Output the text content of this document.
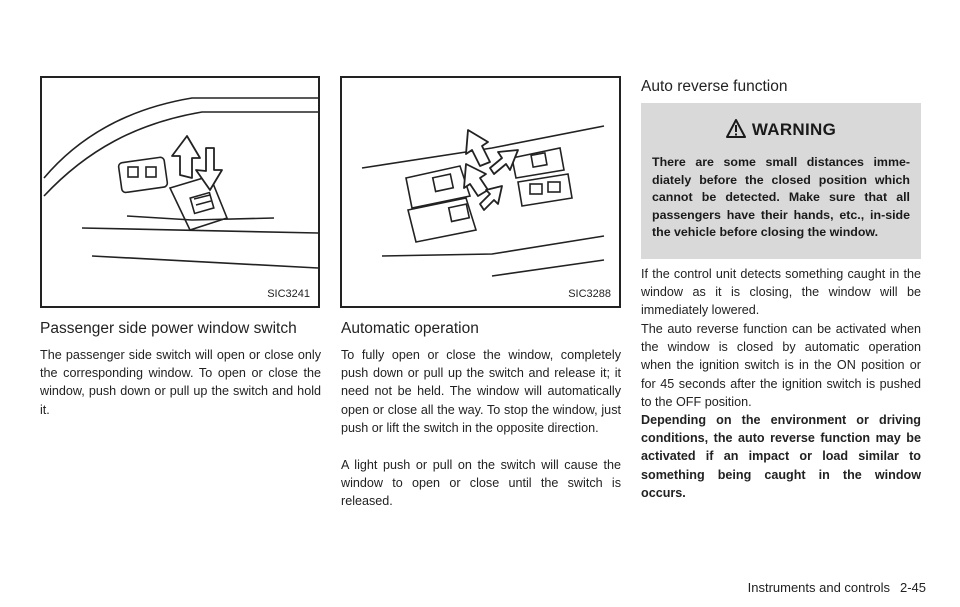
SIC3241	SIC3288
Passenger side power window switch

The passenger side switch will open or close only the corresponding window. To open or close the window, push down or pull up the switch and hold it.

Automatic operation

To fully open or close the window, completely push down or pull up the switch and release it; it need not be held. The window will automatically open or close all the way. To stop the window, just push or lift the switch in the opposite direction.

A light push or pull on the switch will cause the window to open or close until the switch is released.

Auto reverse function
WARNING

There are some small distances imme-diately before the closed position which cannot be detected. Make sure that all passengers have their hands, etc., in-side the vehicle before closing the window.

If the control unit detects something caught in the window as it is closing, the window will be immediately lowered.

The auto reverse function can be activated when the window is closed by automatic operation when the ignition switch is in the ON position or for 45 seconds after the ignition switch is pushed to the OFF position.

Depending on the environment or driving conditions, the auto reverse function may be activated if an impact or load similar to something being caught in the window occurs.

Instruments and controls 2-45
